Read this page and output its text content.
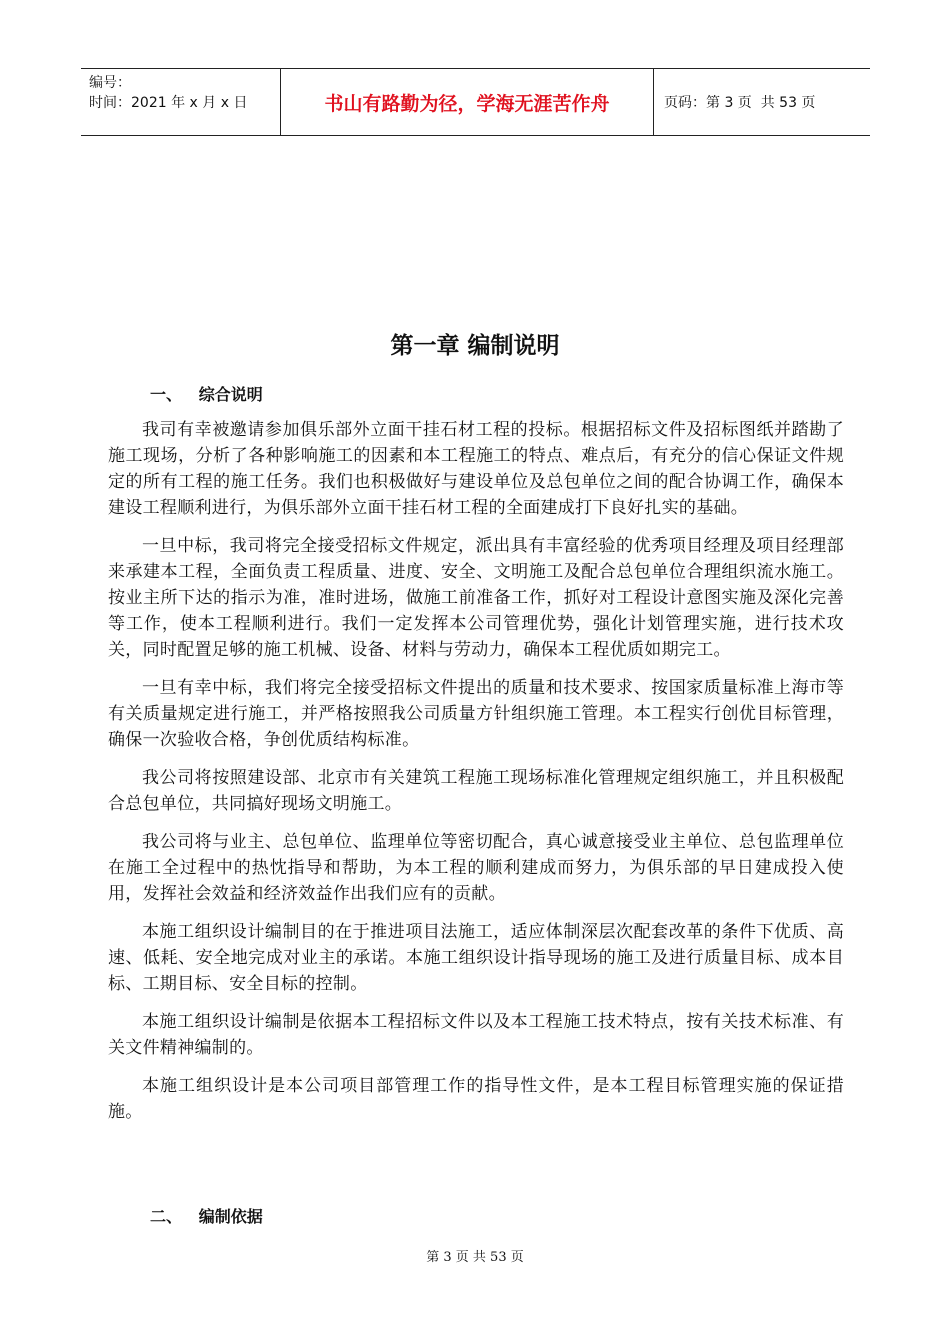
编号：
时间：2021 年 x 月 x 日	书山有路勤为径，学海无涯苦作舟	页码：第 3 页  共 53 页
第一章 编制说明
一、   综合说明

我司有幸被邀请参加俱乐部外立面干挂石材工程的投标。根据招标文件及招标图纸并踏勘了施工现场，分析了各种影响施工的因素和本工程施工的特点、难点后，有充分的信心保证文件规定的所有工程的施工任务。我们也积极做好与建设单位及总包单位之间的配合协调工作，确保本建设工程顺利进行，为俱乐部外立面干挂石材工程的全面建成打下良好扎实的基础。

一旦中标，我司将完全接受招标文件规定，派出具有丰富经验的优秀项目经理及项目经理部来承建本工程，全面负责工程质量、进度、安全、文明施工及配合总包单位合理组织流水施工。按业主所下达的指示为准，准时进场，做施工前准备工作，抓好对工程设计意图实施及深化完善等工作，使本工程顺利进行。我们一定发挥本公司管理优势，强化计划管理实施，进行技术攻关，同时配置足够的施工机械、设备、材料与劳动力，确保本工程优质如期完工。

一旦有幸中标，我们将完全接受招标文件提出的质量和技术要求、按国家质量标准上海市等有关质量规定进行施工，并严格按照我公司质量方针组织施工管理。本工程实行创优目标管理，确保一次验收合格，争创优质结构标准。

我公司将按照建设部、北京市有关建筑工程施工现场标准化管理规定组织施工，并且积极配合总包单位，共同搞好现场文明施工。

我公司将与业主、总包单位、监理单位等密切配合，真心诚意接受业主单位、总包监理单位在施工全过程中的热忱指导和帮助，为本工程的顺利建成而努力，为俱乐部的早日建成投入使用，发挥社会效益和经济效益作出我们应有的贡献。

本施工组织设计编制目的在于推进项目法施工，适应体制深层次配套改革的条件下优质、高速、低耗、安全地完成对业主的承诺。本施工组织设计指导现场的施工及进行质量目标、成本目标、工期目标、安全目标的控制。

本施工组织设计编制是依据本工程招标文件以及本工程施工技术特点，按有关技术标准、有关文件精神编制的。

本施工组织设计是本公司项目部管理工作的指导性文件，是本工程目标管理实施的保证措施。

二、   编制依据
第 3 页 共 53 页
